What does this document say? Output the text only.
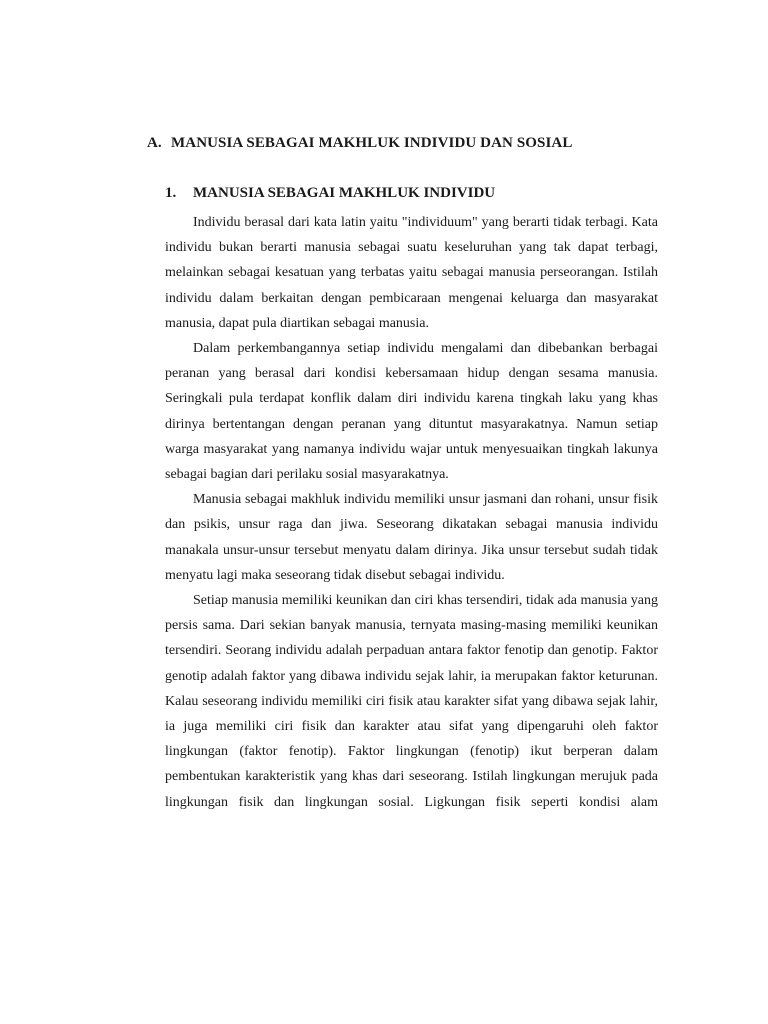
A. MANUSIA SEBAGAI MAKHLUK INDIVIDU DAN SOSIAL
1. MANUSIA SEBAGAI MAKHLUK INDIVIDU

Individu berasal dari kata latin yaitu "individuum" yang berarti tidak terbagi. Kata individu bukan berarti manusia sebagai suatu keseluruhan yang tak dapat terbagi, melainkan sebagai kesatuan yang terbatas yaitu sebagai manusia perseorangan. Istilah individu dalam berkaitan dengan pembicaraan mengenai keluarga dan masyarakat manusia, dapat pula diartikan sebagai manusia.

Dalam perkembangannya setiap individu mengalami dan dibebankan berbagai peranan yang berasal dari kondisi kebersamaan hidup dengan sesama manusia. Seringkali pula terdapat konflik dalam diri individu karena tingkah laku yang khas dirinya bertentangan dengan peranan yang dituntut masyarakatnya. Namun setiap warga masyarakat yang namanya individu wajar untuk menyesuaikan tingkah lakunya sebagai bagian dari perilaku sosial masyarakatnya.

Manusia sebagai makhluk individu memiliki unsur jasmani dan rohani, unsur fisik dan psikis, unsur raga dan jiwa. Seseorang dikatakan sebagai manusia individu manakala unsur-unsur tersebut menyatu dalam dirinya. Jika unsur tersebut sudah tidak menyatu lagi maka seseorang tidak disebut sebagai individu.

Setiap manusia memiliki keunikan dan ciri khas tersendiri, tidak ada manusia yang persis sama. Dari sekian banyak manusia, ternyata masing-masing memiliki keunikan tersendiri. Seorang individu adalah perpaduan antara faktor fenotip dan genotip. Faktor genotip adalah faktor yang dibawa individu sejak lahir, ia merupakan faktor keturunan. Kalau seseorang individu memiliki ciri fisik atau karakter sifat yang dibawa sejak lahir, ia juga memiliki ciri fisik dan karakter atau sifat yang dipengaruhi oleh faktor lingkungan (faktor fenotip). Faktor lingkungan (fenotip) ikut berperan dalam pembentukan karakteristik yang khas dari seseorang. Istilah lingkungan merujuk pada lingkungan fisik dan lingkungan sosial. Ligkungan fisik seperti kondisi alam
